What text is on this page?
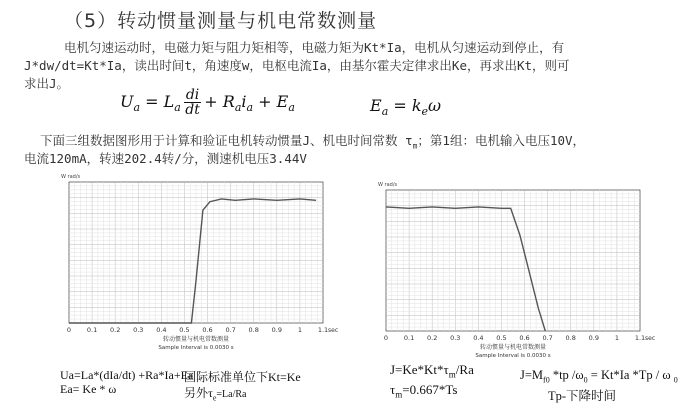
（5）转动惯量测量与机电常数测量
电机匀速运动时，电磁力矩与阻力矩相等，电磁力矩为Kt*Ia，电机从匀速运动到停止，有
J*dw/dt=Kt*Ia，读出时间t，角速度w，电枢电流Ia，由基尔霍夫定律求出Ke，再求出Kt，则可
求出J。
$U_a = L_a \frac{di}{dt} + R_ai_a + E_a$	$E_a = k_e\omega$
下面三组数据图形用于计算和验证电机转动惯量J、机电时间常数 $\tau_m$；第1组：电机输入电压10V，
电流120mA，转速202.4转/分，测速机电压3.44V
W rad/s
0 0.1 0.2 0.3 0.4 0.5 0.6 0.7 0.8 0.9 1 1.1 sec
转动惯量与机电常数测量
Sample Interval is 0.0030 s
W rad/s
0 0.1 0.2 0.3 0.4 0.5 0.6 0.7 0.8 0.9 1 1.1 sec
转动惯量与机电常数测量
Sample Interval is 0.0030 s
Ua=La*(dIa/dt) +Ra*Ia+Ea
Ea= Ke * ω
国际标准单位下Kt=Ke
另外$\tau_e=La/Ra$
$J=Ke*Kt*\tau_m/Ra$
$\tau_m=0.667*Ts$
$J=M_{f0}$ *tp $/\omega_0 = Kt*Ia$ *Tp / ω $_0$
Tp-下降时间
